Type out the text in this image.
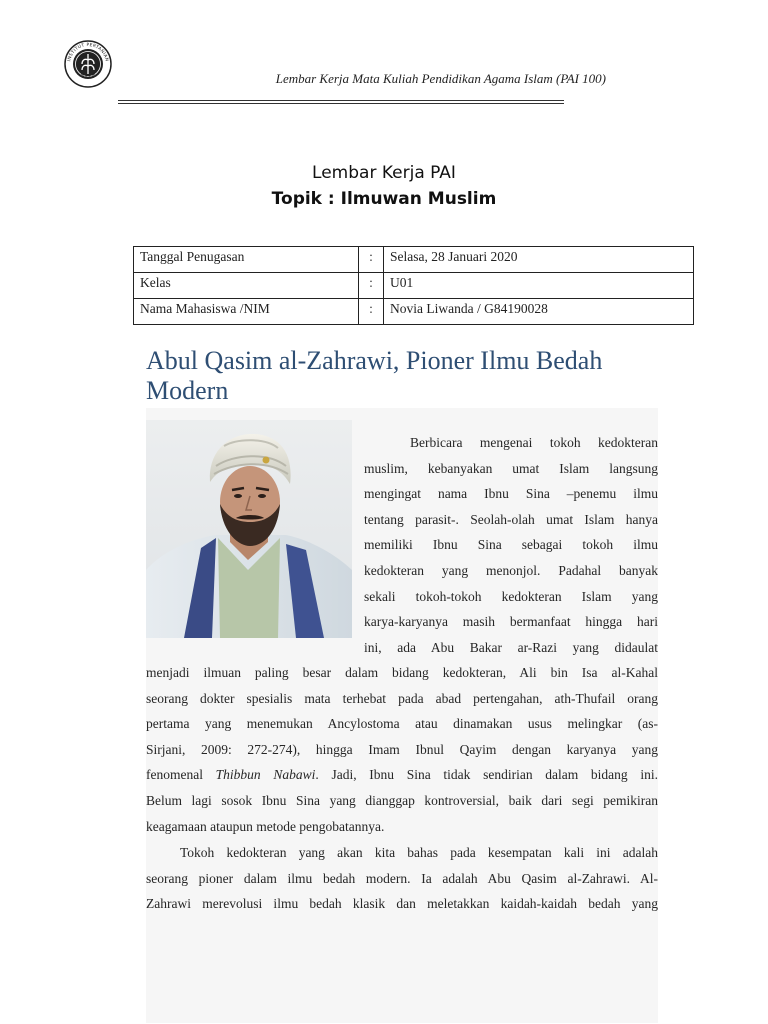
INSTITUT PERTANIAN
BOGOR	Lembar Kerja Mata Kuliah Pendidikan Agama Islam (PAI 100)
Lembar Kerja PAI
Topik : Ilmuwan Muslim
Tanggal Penugasan	:	Selasa, 28 Januari 2020
Kelas	:	U01
Nama Mahasiswa /NIM	:	Novia Liwanda / G84190028
Abul Qasim al-Zahrawi, Pioner Ilmu Bedah
Modern
Berbicara mengenai tokoh kedokteran
muslim, kebanyakan umat Islam langsung
mengingat nama Ibnu Sina –penemu ilmu
tentang parasit-. Seolah-olah umat Islam hanya
memiliki Ibnu Sina sebagai tokoh ilmu
kedokteran yang menonjol. Padahal banyak
sekali tokoh-tokoh kedokteran Islam yang
karya-karyanya masih bermanfaat hingga hari
ini, ada Abu Bakar ar-Razi yang didaulat
menjadi ilmuan paling besar dalam bidang kedokteran, Ali bin Isa al-Kahal
seorang dokter spesialis mata terhebat pada abad pertengahan, ath-Thufail orang
pertama yang menemukan Ancylostoma atau dinamakan usus melingkar (as-
Sirjani, 2009: 272-274), hingga Imam Ibnul Qayim dengan karyanya yang
fenomenal Thibbun Nabawi. Jadi, Ibnu Sina tidak sendirian dalam bidang ini.
Belum lagi sosok Ibnu Sina yang dianggap kontroversial, baik dari segi pemikiran
keagamaan ataupun metode pengobatannya.
Tokoh kedokteran yang akan kita bahas pada kesempatan kali ini adalah
seorang pioner dalam ilmu bedah modern. Ia adalah Abu Qasim al-Zahrawi. Al-
Zahrawi merevolusi ilmu bedah klasik dan meletakkan kaidah-kaidah bedah yang
